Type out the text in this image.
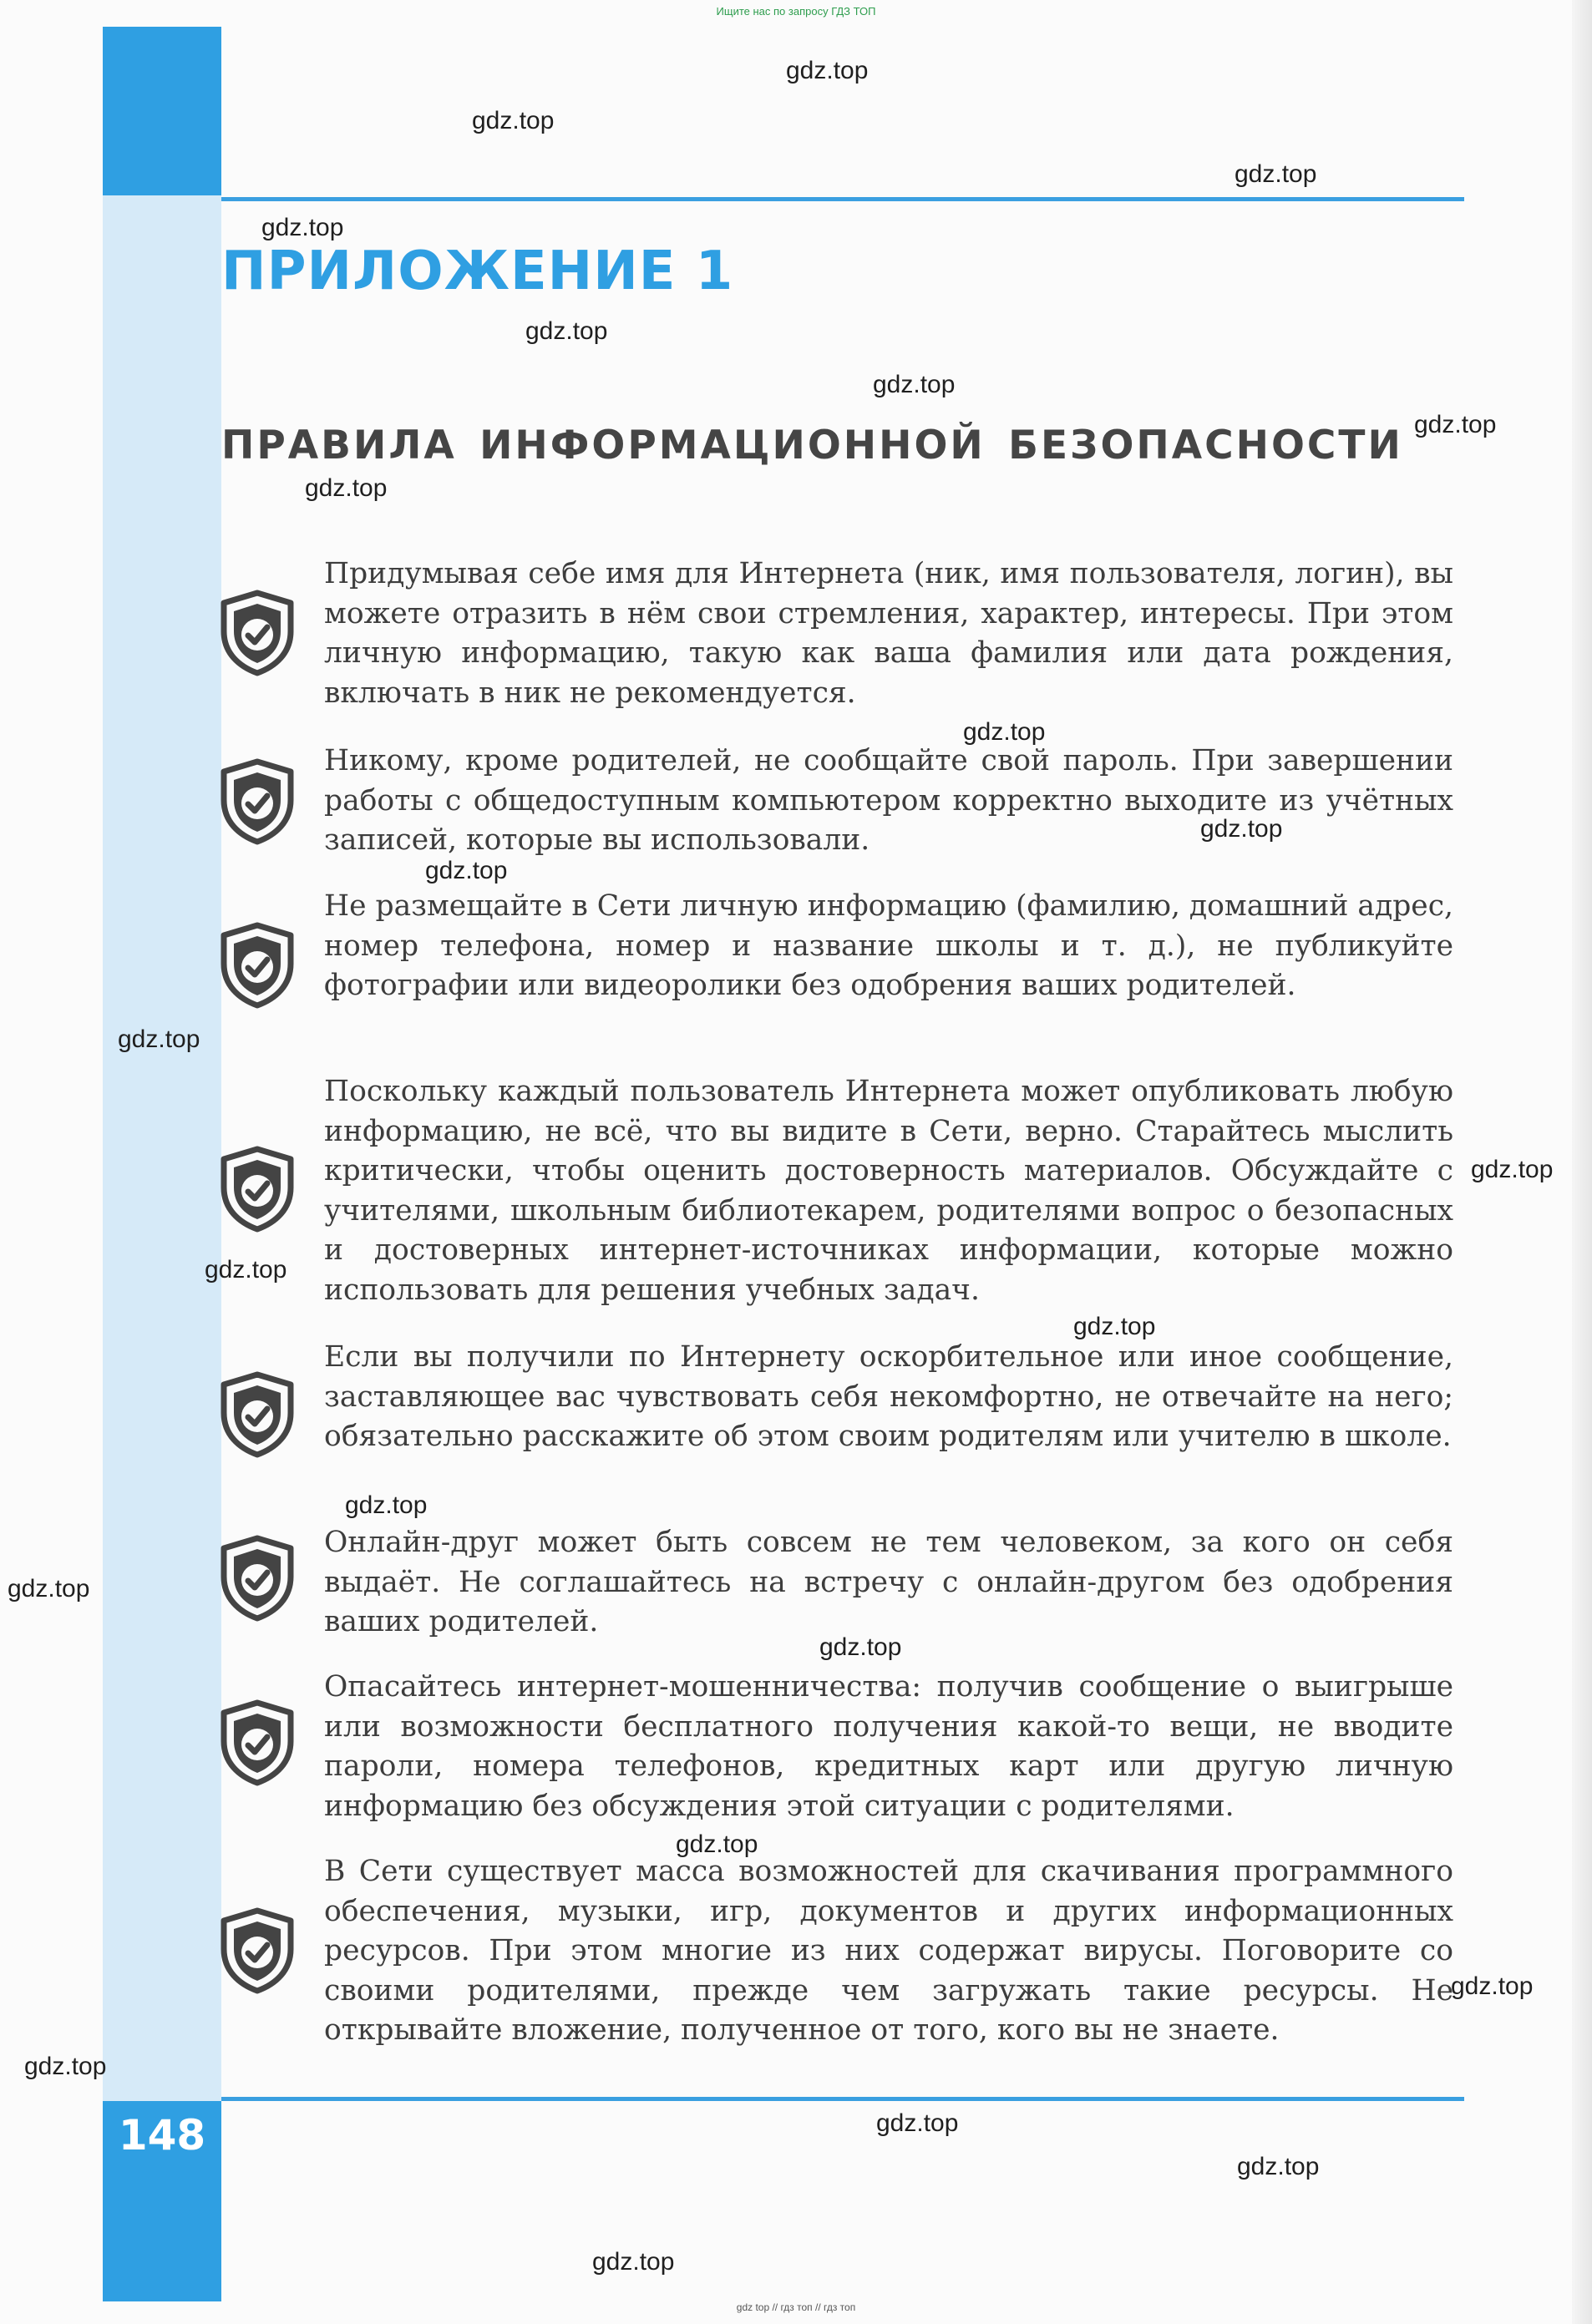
Ищите нас по запросу ГДЗ ТОП
ПРИЛОЖЕНИЕ 1
ПРАВИЛА ИНФОРМАЦИОННОЙ БЕЗОПАСНОСТИ

Придумывая себе имя для Интернета (ник, имя пользователя, логин), вы можете отразить в нём свои стремления, характер, интересы. При этом личную информацию, такую как ваша фамилия или дата рождения, включать в ник не рекомендуется.

Никому, кроме родителей, не сообщайте свой пароль. При завершении работы с общедоступным компьютером корректно выходите из учётных записей, которые вы использовали.

Не размещайте в Сети личную информацию (фамилию, домашний адрес, номер телефона, номер и название школы и т. д.), не публикуйте фотографии или видеоролики без одобрения ваших родителей.

Поскольку каждый пользователь Интернета может опубликовать любую информацию, не всё, что вы видите в Сети, верно. Старайтесь мыслить критически, чтобы оценить достоверность материалов. Обсуждайте с учителями, школьным библиотекарем, родителями вопрос о безопасных и достоверных интернет-источниках информации, которые можно использовать для решения учебных задач.

Если вы получили по Интернету оскорбительное или иное сообщение, заставляющее вас чувствовать себя некомфортно, не отвечайте на него; обязательно расскажите об этом своим родителям или учителю в школе.

Онлайн-друг может быть совсем не тем человеком, за кого он себя выдаёт. Не соглашайтесь на встречу с онлайн-другом без одобрения ваших родителей.

Опасайтесь интернет-мошенничества: получив сообщение о выигрыше или возможности бесплатного получения какой-то вещи, не вводите пароли, номера телефонов, кредитных карт или другую личную информацию без обсуждения этой ситуации с родителями.

В Сети существует масса возможностей для скачивания программного обеспечения, музыки, игр, документов и других информационных ресурсов. При этом многие из них содержат вирусы. Поговорите со своими родителями, прежде чем загружать такие ресурсы. Не открывайте вложение, полученное от того, кого вы не знаете.

148
gdz.top
gdz.top
gdz.top
gdz.top
gdz.top
gdz.top
gdz.top
gdz.top
gdz.top
gdz.top
gdz.top
gdz.top
gdz.top
gdz.top
gdz.top
gdz.top
gdz.top
gdz.top
gdz.top
gdz.top
gdz.top
gdz.top
gdz.top
gdz.top
gdz top // гдз топ // гдз топ
